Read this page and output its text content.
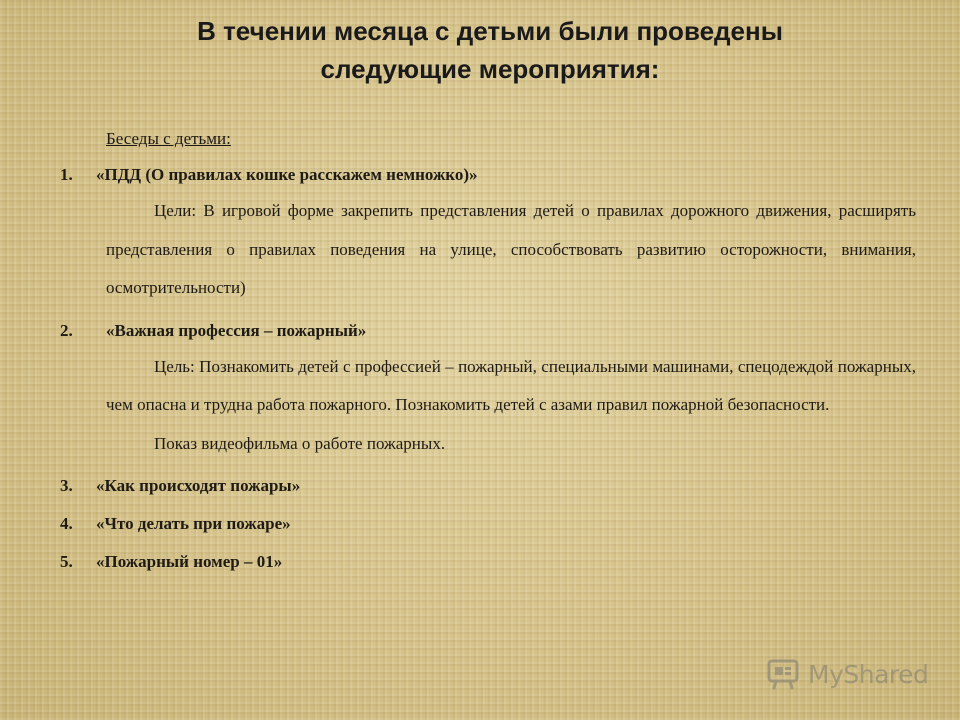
В течении месяца с детьми были проведены
следующие мероприятия:
Беседы с детьми:
1.	«ПДД (О правилах кошке расскажем немножко)»

Цели: В игровой форме закрепить представления детей о правилах дорожного движения, расширять представления о правилах поведения на улице, способствовать развитию осторожности, внимания, осмотрительности)

2.	«Важная профессия – пожарный»

Цель: Познакомить детей с профессией – пожарный, специальными машинами, спецодеждой пожарных, чем опасна и трудна работа пожарного. Познакомить детей с азами правил пожарной безопасности.

Показ видеофильма о работе пожарных.
3.	«Как происходят пожары»
4.	«Что делать при пожаре»
5.	«Пожарный номер – 01»
MyShared
